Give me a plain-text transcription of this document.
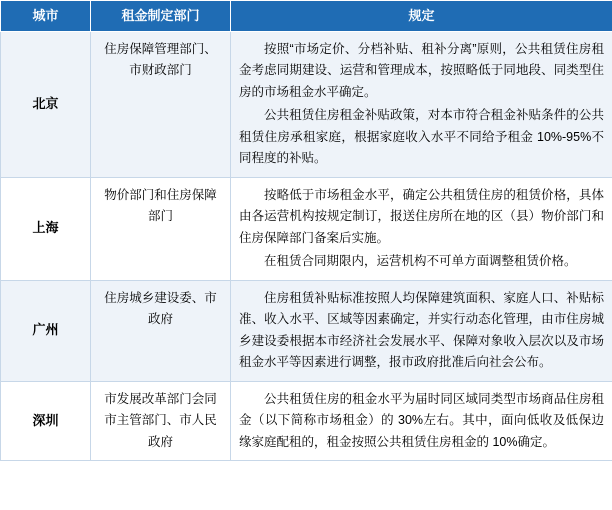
城市	租金制定部门	规定
北京	住房保障管理部门、市财政部门	按照“市场定价、分档补贴、租补分离”原则，公共租赁住房租金考虑同期建设、运营和管理成本，按照略低于同地段、同类型住房的市场租金水平确定。

公共租赁住房租金补贴政策，对本市符合租金补贴条件的公共租赁住房承租家庭，根据家庭收入水平不同给予租金 10%-95%不同程度的补贴。

上海	物价部门和住房保障部门	按略低于市场租金水平，确定公共租赁住房的租赁价格，具体由各运营机构按规定制订，报送住房所在地的区（县）物价部门和住房保障部门备案后实施。

在租赁合同期限内，运营机构不可单方面调整租赁价格。

广州	住房城乡建设委、市政府	住房租赁补贴标准按照人均保障建筑面积、家庭人口、补贴标准、收入水平、区域等因素确定，并实行动态化管理，由市住房城乡建设委根据本市经济社会发展水平、保障对象收入层次以及市场租金水平等因素进行调整，报市政府批准后向社会公布。

深圳	市发展改革部门会同市主管部门、市人民政府	公共租赁住房的租金水平为届时同区域同类型市场商品住房租金（以下简称市场租金）的 30%左右。其中，面向低收及低保边缘家庭配租的，租金按照公共租赁住房租金的 10%确定。
